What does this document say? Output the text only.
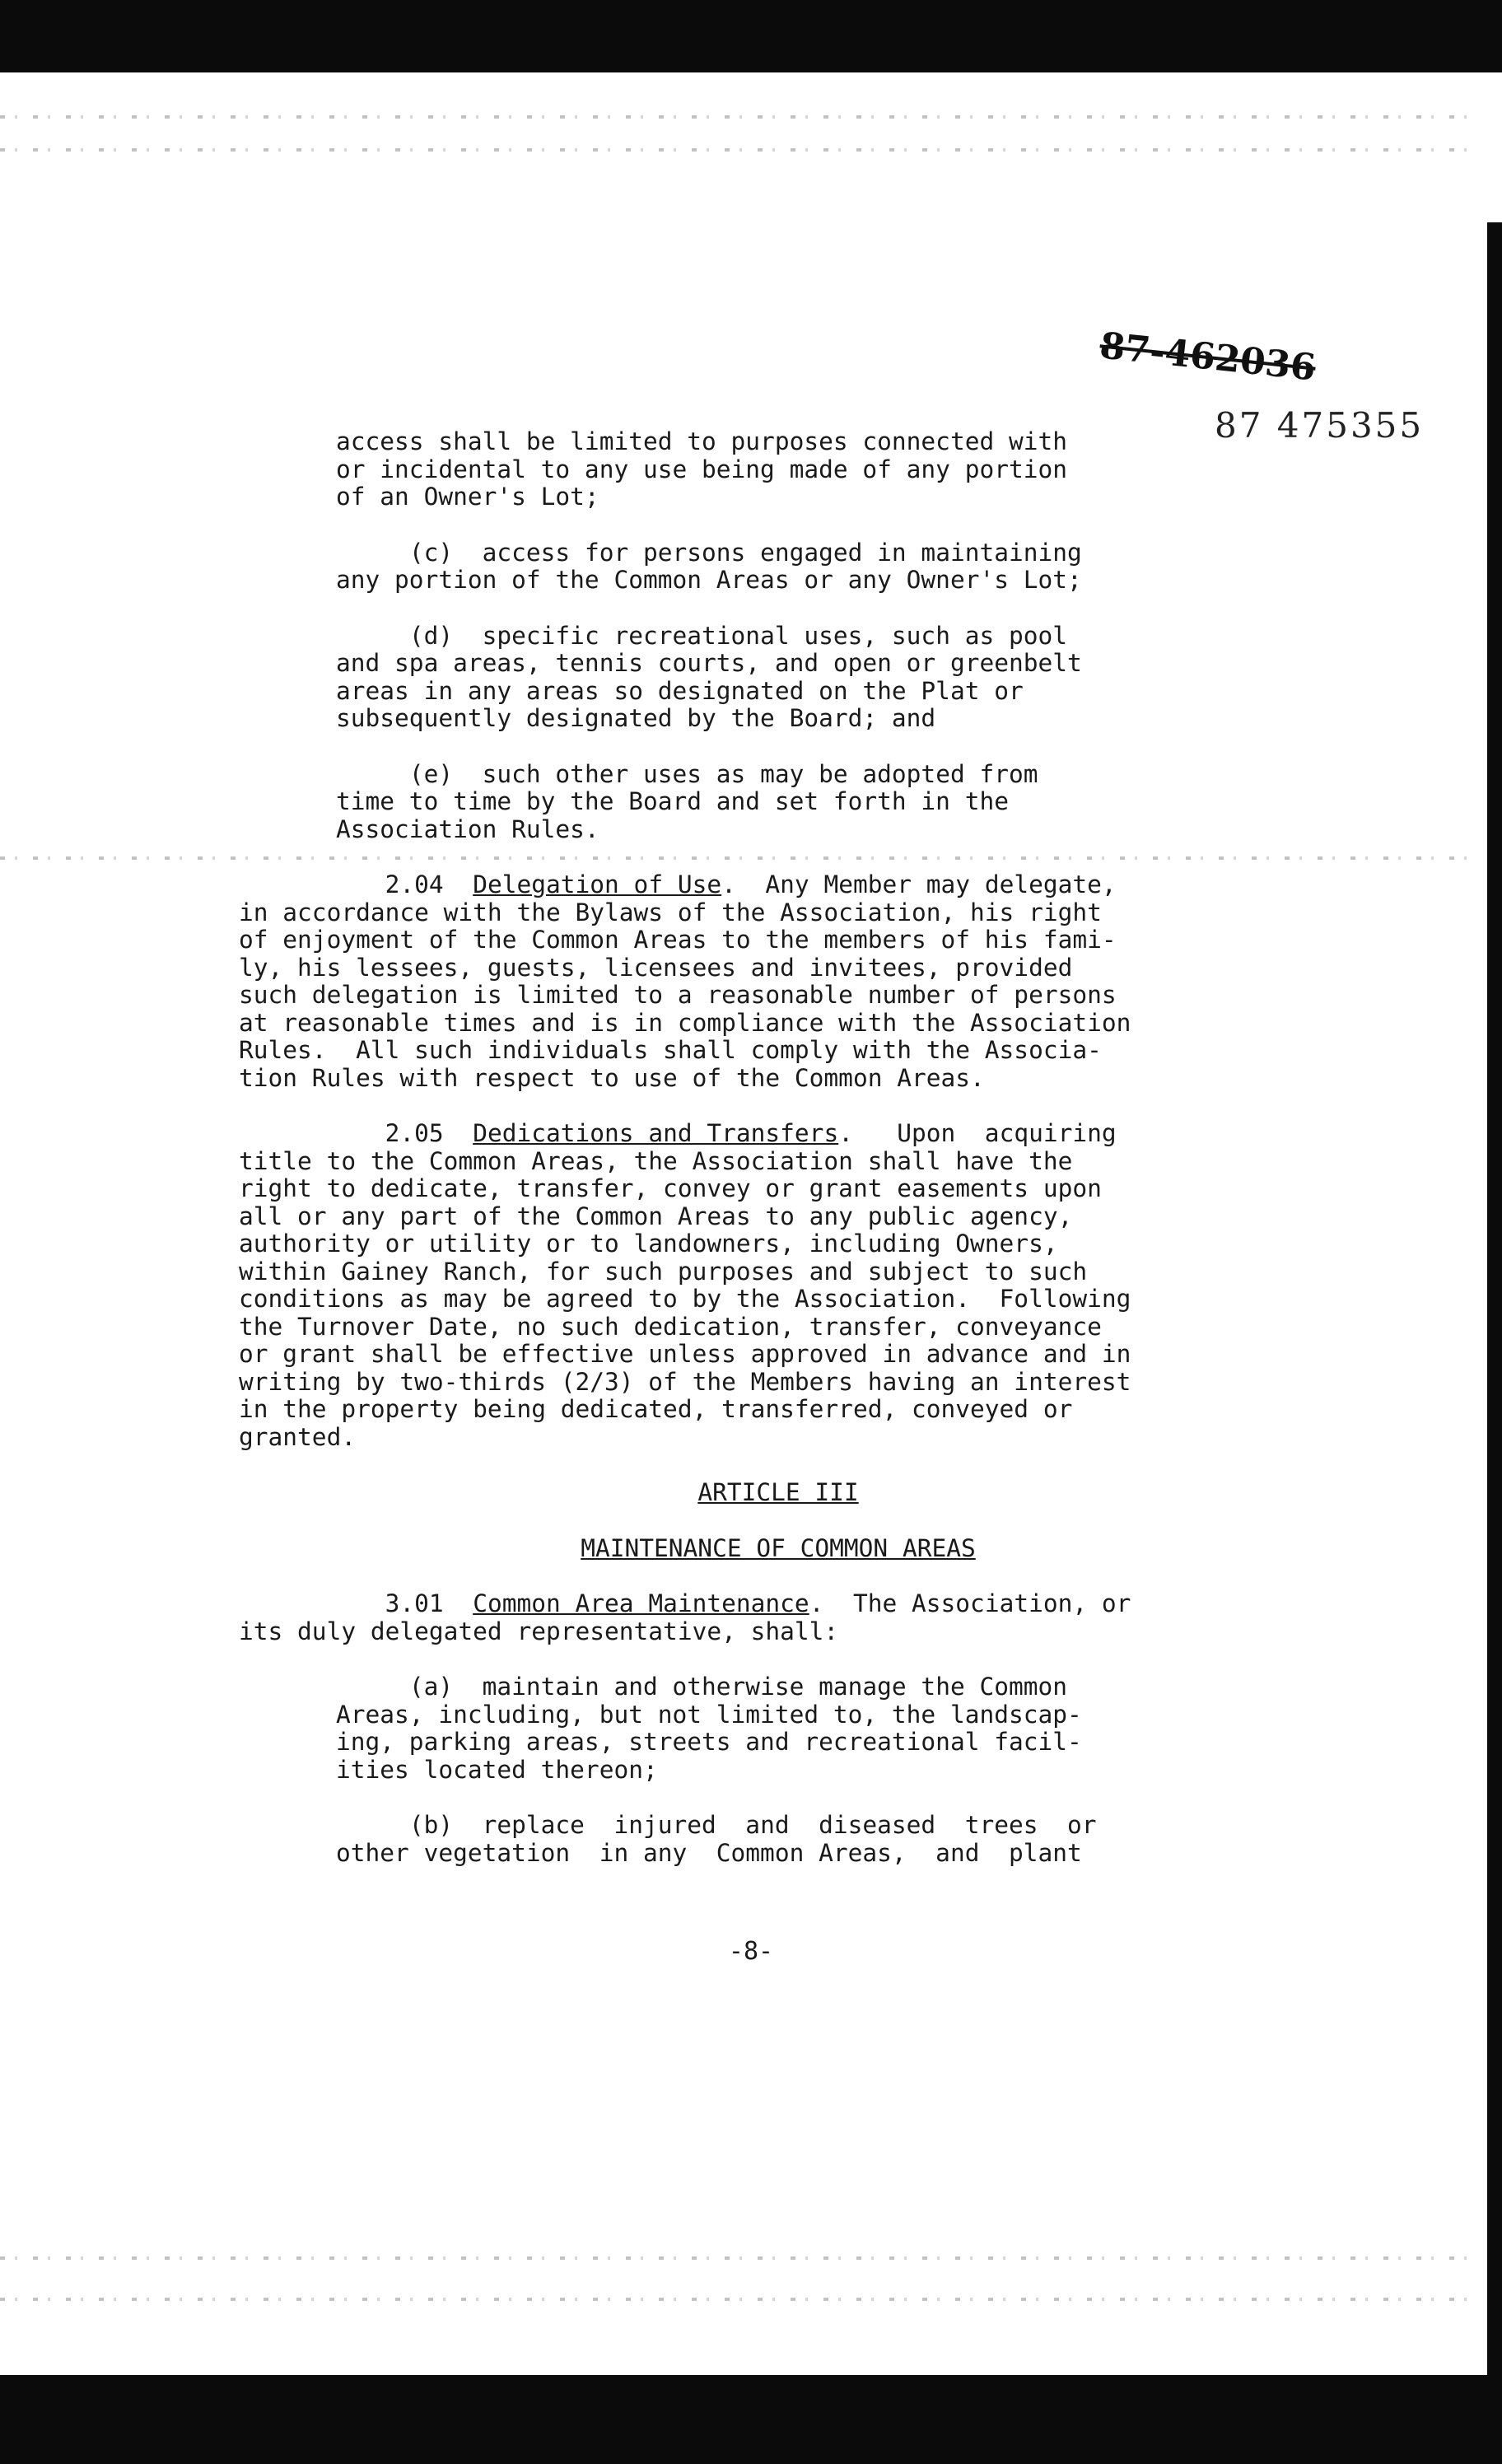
87-462036
87 475355

access shall be limited to purposes connected with
or incidental to any use being made of any portion
of an Owner's Lot;

(c)  access for persons engaged in maintaining
any portion of the Common Areas or any Owner's Lot;

(d)  specific recreational uses, such as pool
and spa areas, tennis courts, and open or greenbelt
areas in any areas so designated on the Plat or
subsequently designated by the Board; and

(e)  such other uses as may be adopted from
time to time by the Board and set forth in the
Association Rules.

2.04  Delegation of Use.  Any Member may delegate,
in accordance with the Bylaws of the Association, his right
of enjoyment of the Common Areas to the members of his fami-
ly, his lessees, guests, licensees and invitees, provided
such delegation is limited to a reasonable number of persons
at reasonable times and is in compliance with the Association
Rules.  All such individuals shall comply with the Associa-
tion Rules with respect to use of the Common Areas.

2.05  Dedications and Transfers.   Upon  acquiring
title to the Common Areas, the Association shall have the
right to dedicate, transfer, convey or grant easements upon
all or any part of the Common Areas to any public agency,
authority or utility or to landowners, including Owners,
within Gainey Ranch, for such purposes and subject to such
conditions as may be agreed to by the Association.  Following
the Turnover Date, no such dedication, transfer, conveyance
or grant shall be effective unless approved in advance and in
writing by two-thirds (2/3) of the Members having an interest
in the property being dedicated, transferred, conveyed or
granted.

ARTICLE III

MAINTENANCE OF COMMON AREAS

3.01  Common Area Maintenance.  The Association, or
its duly delegated representative, shall:

(a)  maintain and otherwise manage the Common
Areas, including, but not limited to, the landscap-
ing, parking areas, streets and recreational facil-
ities located thereon;

(b)  replace  injured  and  diseased  trees  or
other vegetation  in any  Common Areas,  and  plant

-8-
